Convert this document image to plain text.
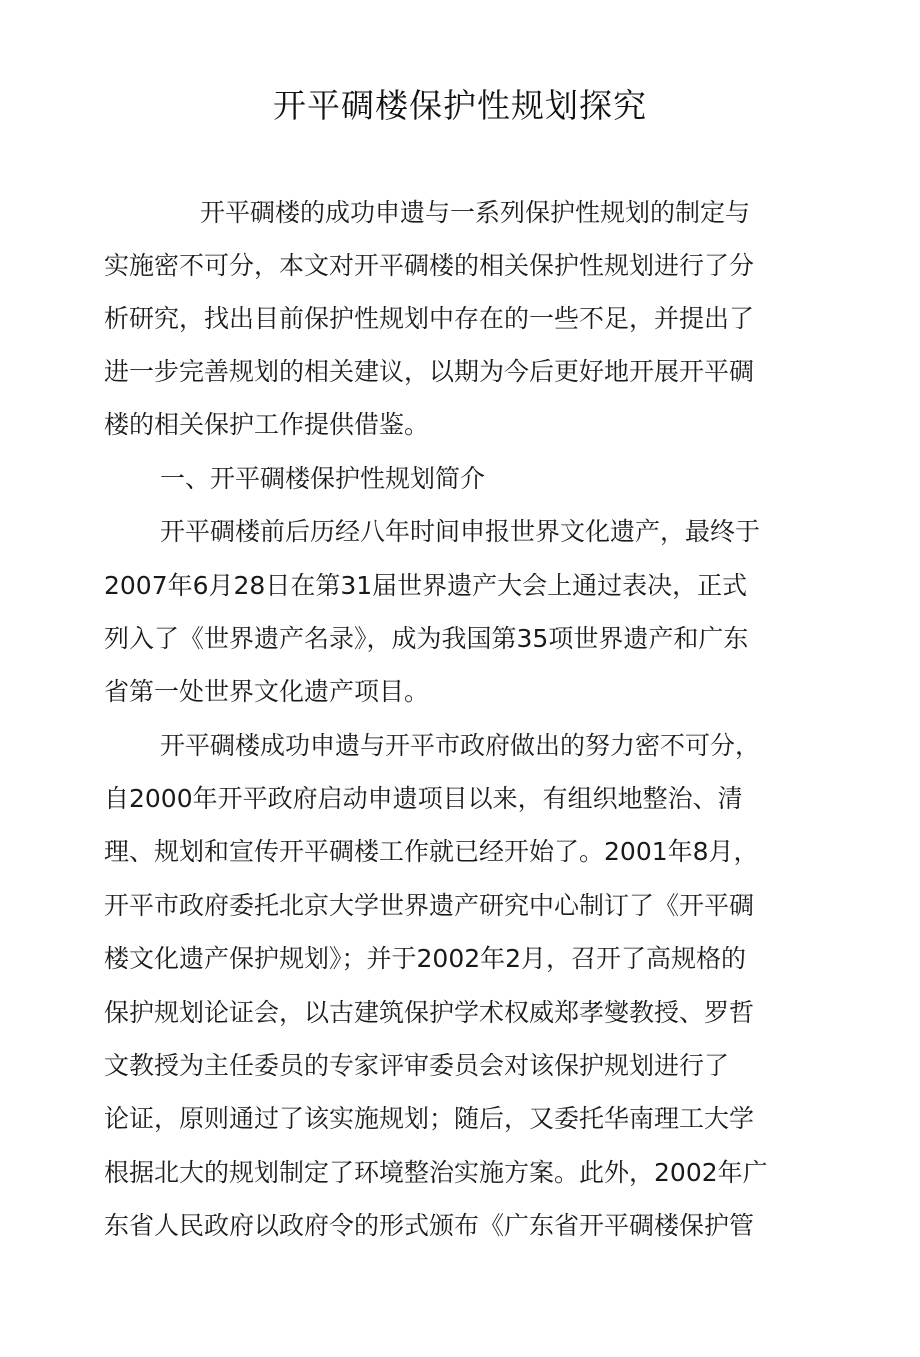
开平碉楼保护性规划探究
开平碉楼的成功申遗与一系列保护性规划的制定与
实施密不可分，本文对开平碉楼的相关保护性规划进行了分
析研究，找出目前保护性规划中存在的一些不足，并提出了
进一步完善规划的相关建议，以期为今后更好地开展开平碉
楼的相关保护工作提供借鉴。
一、开平碉楼保护性规划简介
开平碉楼前后历经八年时间申报世界文化遗产，最终于
2007年6月28日在第31届世界遗产大会上通过表决，正式
列入了《世界遗产名录》，成为我国第35项世界遗产和广东
省第一处世界文化遗产项目。
开平碉楼成功申遗与开平市政府做出的努力密不可分，
自2000年开平政府启动申遗项目以来，有组织地整治、清
理、规划和宣传开平碉楼工作就已经开始了。2001年8月，
开平市政府委托北京大学世界遗产研究中心制订了《开平碉
楼文化遗产保护规划》；并于2002年2月，召开了高规格的
保护规划论证会，以古建筑保护学术权威郑孝燮教授、罗哲
文教授为主任委员的专家评审委员会对该保护规划进行了
论证，原则通过了该实施规划；随后，又委托华南理工大学
根据北大的规划制定了环境整治实施方案。此外，2002年广
东省人民政府以政府令的形式颁布《广东省开平碉楼保护管
